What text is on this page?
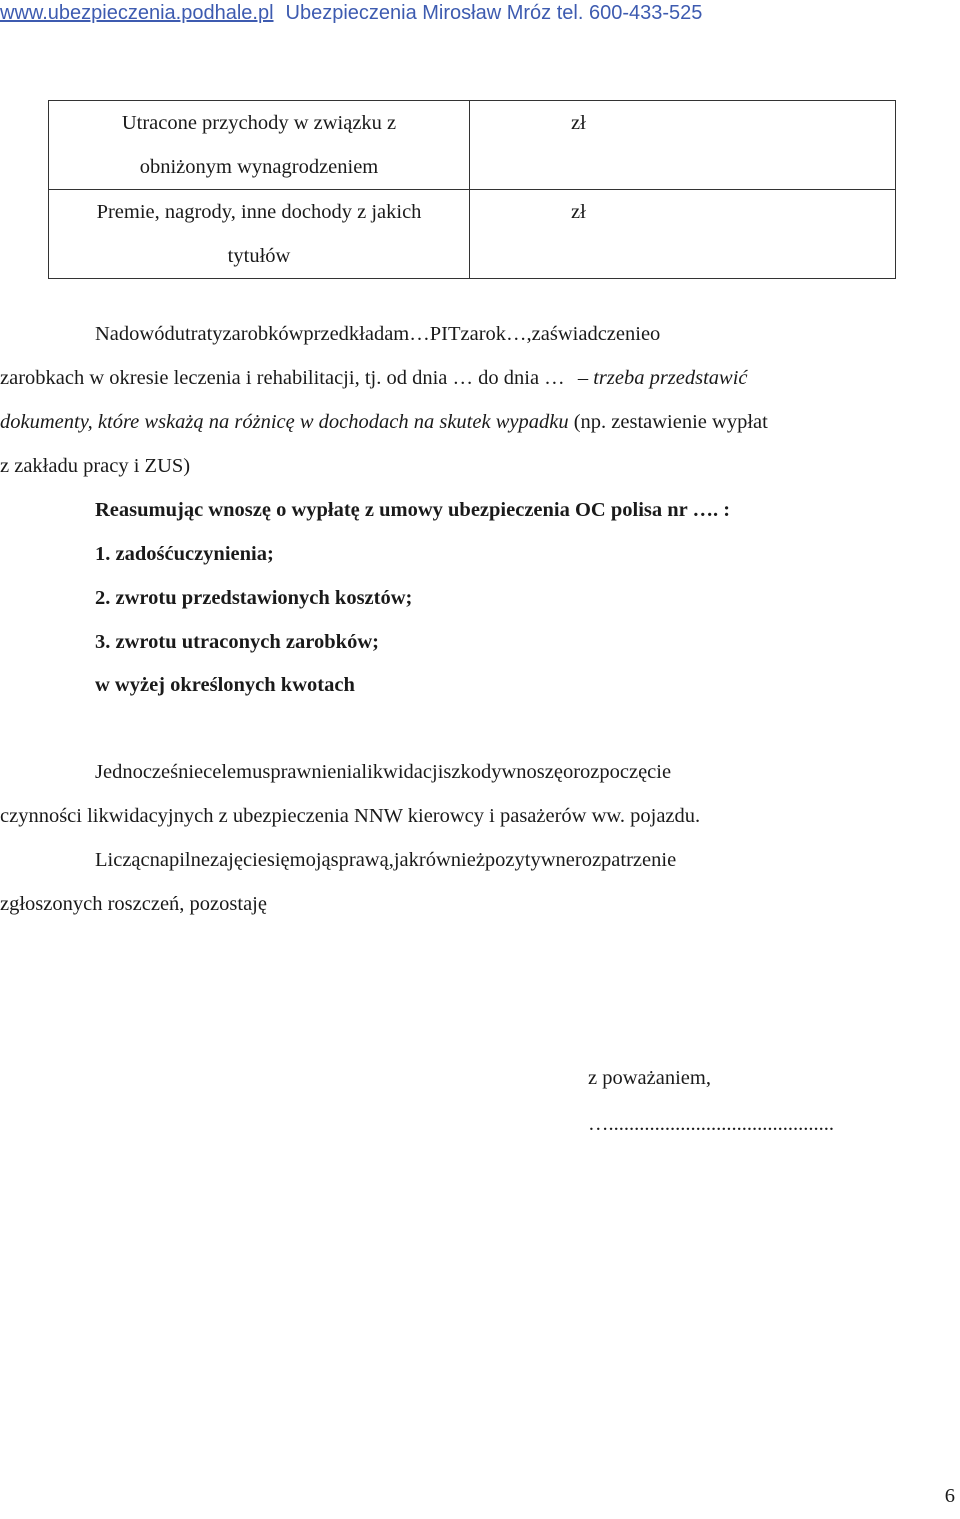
www.ubezpieczenia.podhale.pl Ubezpieczenia Mirosław Mróz tel. 600-433-525
Utracone przychody w związku z
obniżonym wynagrodzeniem	zł
Premie, nagrody, inne dochody z jakich
tytułów	zł
Nadowódutratyzarobkówprzedkładam…PITzarok…,zaświadczenieo
zarobkach w okresie leczenia i rehabilitacji, tj. od dnia … do dnia … – trzeba przedstawić
dokumenty, które wskażą na różnicę w dochodach na skutek wypadku (np. zestawienie wypłat
z zakładu pracy i ZUS)
Reasumując wnoszę o wypłatę z umowy ubezpieczenia OC polisa nr …. :
1. zadośćuczynienia;
2. zwrotu przedstawionych kosztów;
3. zwrotu utraconych zarobków;
w wyżej określonych kwotach
Jednocześniecelemusprawnienialikwidacjiszkodywnoszęorozpoczęcie
czynności likwidacyjnych z ubezpieczenia NNW kierowcy i pasażerów ww. pojazdu.
Liczącnapilnezajęciesięmojąsprawą,jakrównieżpozytywnerozpatrzenie
zgłoszonych roszczeń, pozostaję
z poważaniem,
…............................................
6
